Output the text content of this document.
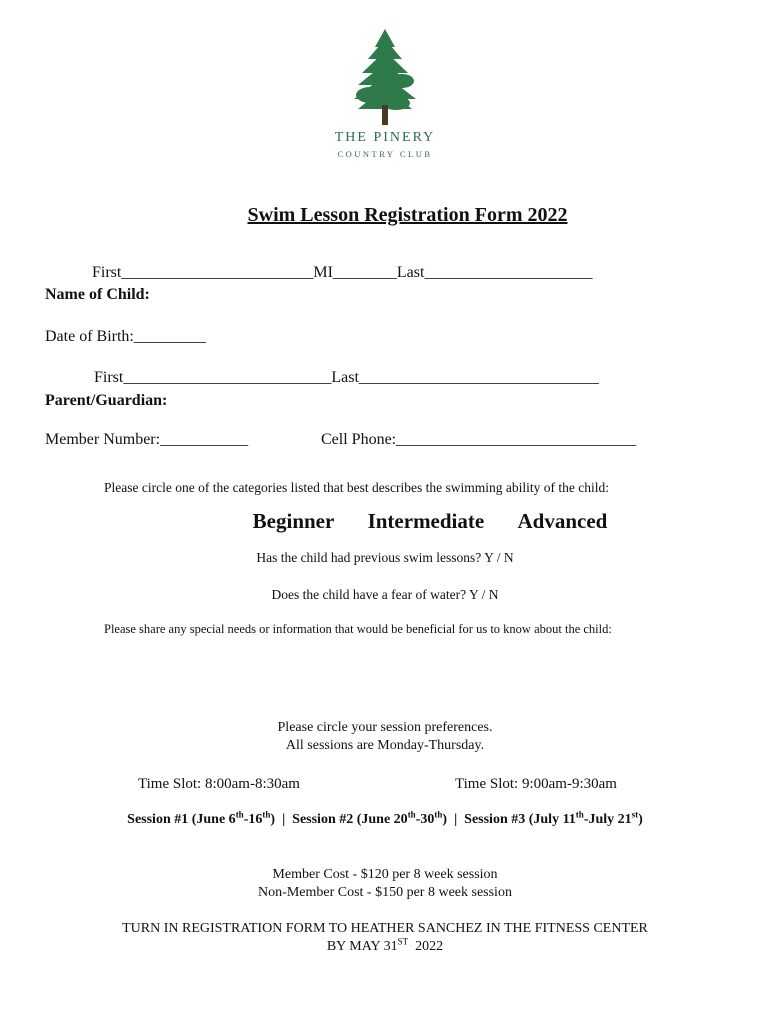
THE PINERY
COUNTRY CLUB
Swim Lesson Registration Form 2022
First________________________MI________Last_____________________
Name of Child:
Date of Birth:_________
First__________________________Last______________________________
Parent/Guardian:
Member Number:___________	Cell Phone:______________________________
Please circle one of the categories listed that best describes the swimming ability of the child:
Beginner Intermediate Advanced
Has the child had previous swim lessons? Y / N
Does the child have a fear of water? Y / N
Please share any special needs or information that would be beneficial for us to know about the child:
Please circle your session preferences.
All sessions are Monday-Thursday.
Time Slot: 8:00am-8:30am	Time Slot: 9:00am-9:30am
Session #1 (June 6th-16th)  |  Session #2 (June 20th-30th)  |  Session #3 (July 11th-July 21st)
Member Cost - $120 per 8 week session
Non-Member Cost - $150 per 8 week session
TURN IN REGISTRATION FORM TO HEATHER SANCHEZ IN THE FITNESS CENTER
BY MAY 31ST  2022
